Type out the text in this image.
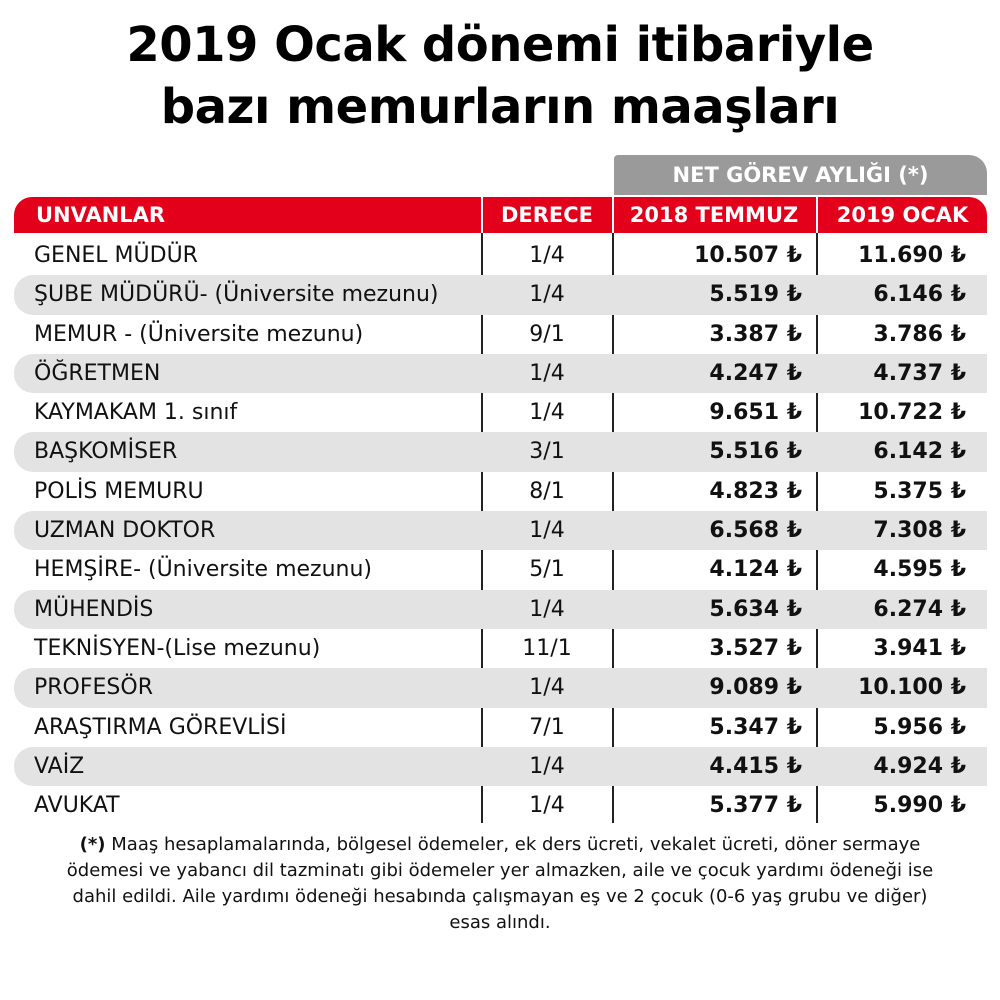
2019 Ocak dönemi itibariyle
bazı memurların maaşları
NET GÖREV AYLIĞI (*)
UNVANLAR	DERECE	2018 TEMMUZ	2019 OCAK
GENEL MÜDÜR	1/4	10.507 ₺	11.690 ₺
ŞUBE MÜDÜRÜ- (Üniversite mezunu)	1/4	5.519 ₺	6.146 ₺
MEMUR - (Üniversite mezunu)	9/1	3.387 ₺	3.786 ₺
ÖĞRETMEN	1/4	4.247 ₺	4.737 ₺
KAYMAKAM 1. sınıf	1/4	9.651 ₺	10.722 ₺
BAŞKOMİSER	3/1	5.516 ₺	6.142 ₺
POLİS MEMURU	8/1	4.823 ₺	5.375 ₺
UZMAN DOKTOR	1/4	6.568 ₺	7.308 ₺
HEMŞİRE- (Üniversite mezunu)	5/1	4.124 ₺	4.595 ₺
MÜHENDİS	1/4	5.634 ₺	6.274 ₺
TEKNİSYEN-(Lise mezunu)	11/1	3.527 ₺	3.941 ₺
PROFESÖR	1/4	9.089 ₺	10.100 ₺
ARAŞTIRMA GÖREVLİSİ	7/1	5.347 ₺	5.956 ₺
VAİZ	1/4	4.415 ₺	4.924 ₺
AVUKAT	1/4	5.377 ₺	5.990 ₺
(*) Maaş hesaplamalarında, bölgesel ödemeler, ek ders ücreti, vekalet ücreti, döner sermaye ödemesi ve yabancı dil tazminatı gibi ödemeler yer almazken, aile ve çocuk yardımı ödeneği ise dahil edildi. Aile yardımı ödeneği hesabında çalışmayan eş ve 2 çocuk (0-6 yaş grubu ve diğer) esas alındı.
